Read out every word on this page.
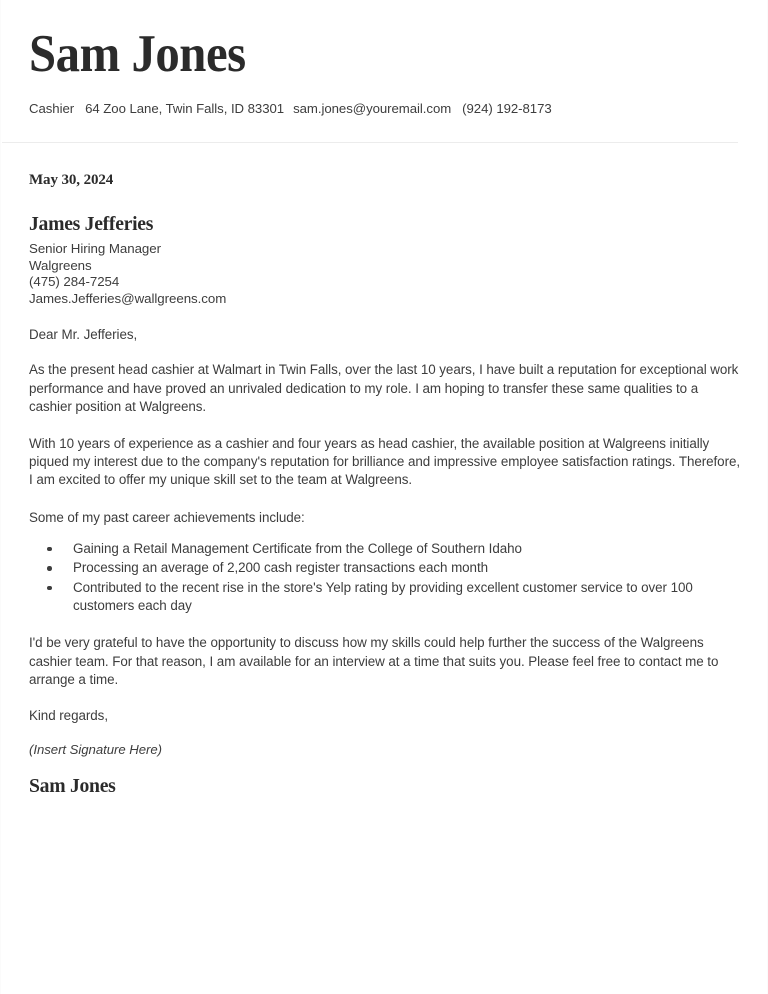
Sam Jones
Cashier 64 Zoo Lane, Twin Falls, ID 83301 sam.jones@youremail.com (924) 192-8173
May 30, 2024
James Jefferies
Senior Hiring Manager
Walgreens
(475) 284-7254
James.Jefferies@wallgreens.com
Dear Mr. Jefferies,
As the present head cashier at Walmart in Twin Falls, over the last 10 years, I have built a reputation for exceptional work performance and have proved an unrivaled dedication to my role. I am hoping to transfer these same qualities to a cashier position at Walgreens.
With 10 years of experience as a cashier and four years as head cashier, the available position at Walgreens initially piqued my interest due to the company's reputation for brilliance and impressive employee satisfaction ratings. Therefore, I am excited to offer my unique skill set to the team at Walgreens.
Some of my past career achievements include:
Gaining a Retail Management Certificate from the College of Southern Idaho
Processing an average of 2,200 cash register transactions each month
Contributed to the recent rise in the store's Yelp rating by providing excellent customer service to over 100 customers each day
I'd be very grateful to have the opportunity to discuss how my skills could help further the success of the Walgreens cashier team. For that reason, I am available for an interview at a time that suits you. Please feel free to contact me to arrange a time.
Kind regards,
(Insert Signature Here)
Sam Jones
